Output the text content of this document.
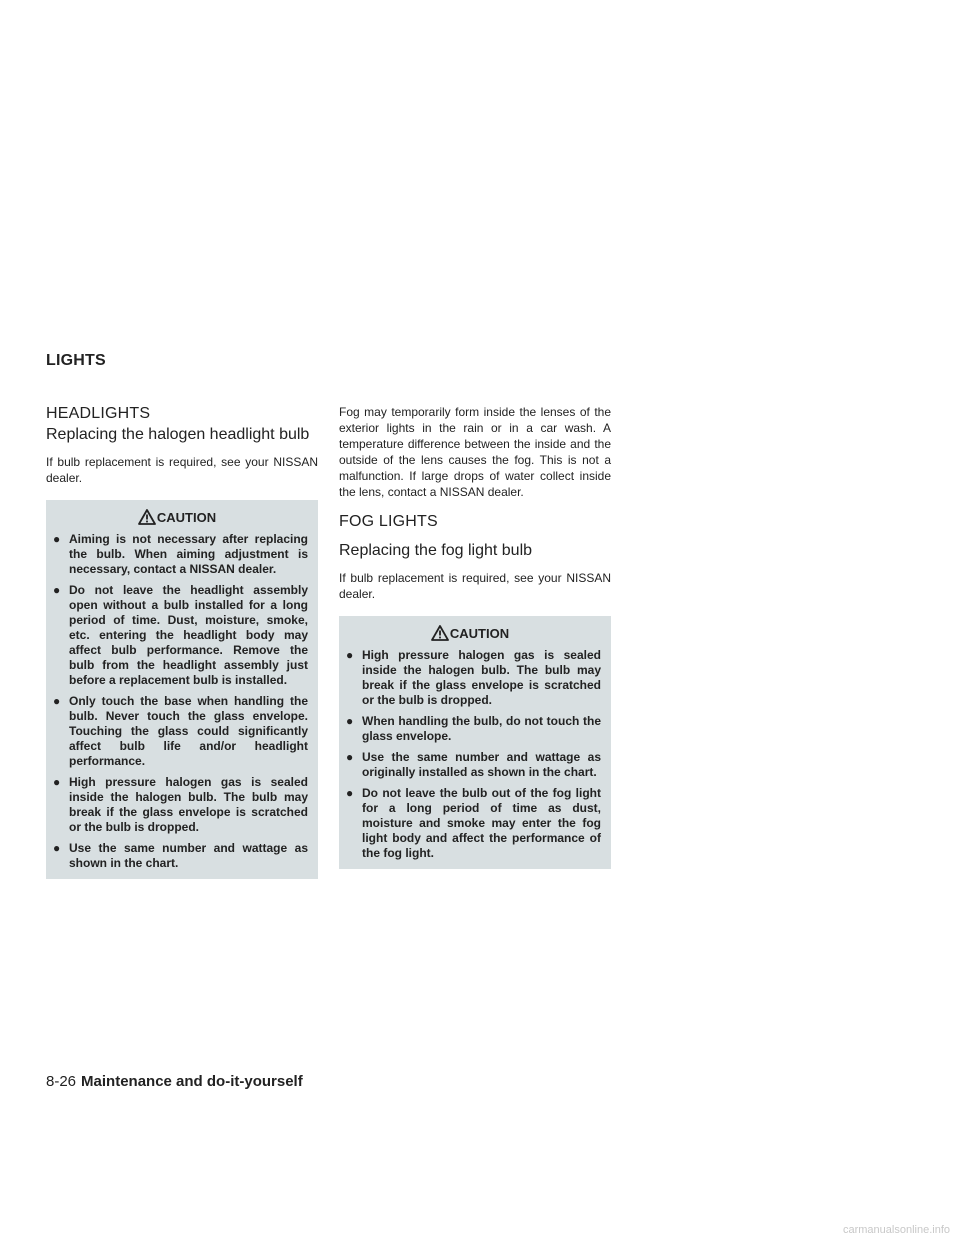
LIGHTS
HEADLIGHTS
Replacing the halogen headlight bulb

If bulb replacement is required, see your NISSAN dealer.

CAUTION
● Aiming is not necessary after replacing the bulb. When aiming adjustment is necessary, contact a NISSAN dealer.
● Do not leave the headlight assembly open without a bulb installed for a long period of time. Dust, moisture, smoke, etc. entering the headlight body may affect bulb performance. Remove the bulb from the headlight assembly just before a replacement bulb is installed.
● Only touch the base when handling the bulb. Never touch the glass envelope. Touching the glass could significantly affect bulb life and/or headlight performance.
● High pressure halogen gas is sealed inside the halogen bulb. The bulb may break if the glass envelope is scratched or the bulb is dropped.
● Use the same number and wattage as shown in the chart.

Fog may temporarily form inside the lenses of the exterior lights in the rain or in a car wash. A temperature difference between the inside and the outside of the lens causes the fog. This is not a malfunction. If large drops of water collect inside the lens, contact a NISSAN dealer.

FOG LIGHTS
Replacing the fog light bulb

If bulb replacement is required, see your NISSAN dealer.

CAUTION
● High pressure halogen gas is sealed inside the halogen bulb. The bulb may break if the glass envelope is scratched or the bulb is dropped.
● When handling the bulb, do not touch the glass envelope.
● Use the same number and wattage as originally installed as shown in the chart.
● Do not leave the bulb out of the fog light for a long period of time as dust, moisture and smoke may enter the fog light body and affect the performance of the fog light.
8-26 Maintenance and do-it-yourself
carmanualsonline.info
